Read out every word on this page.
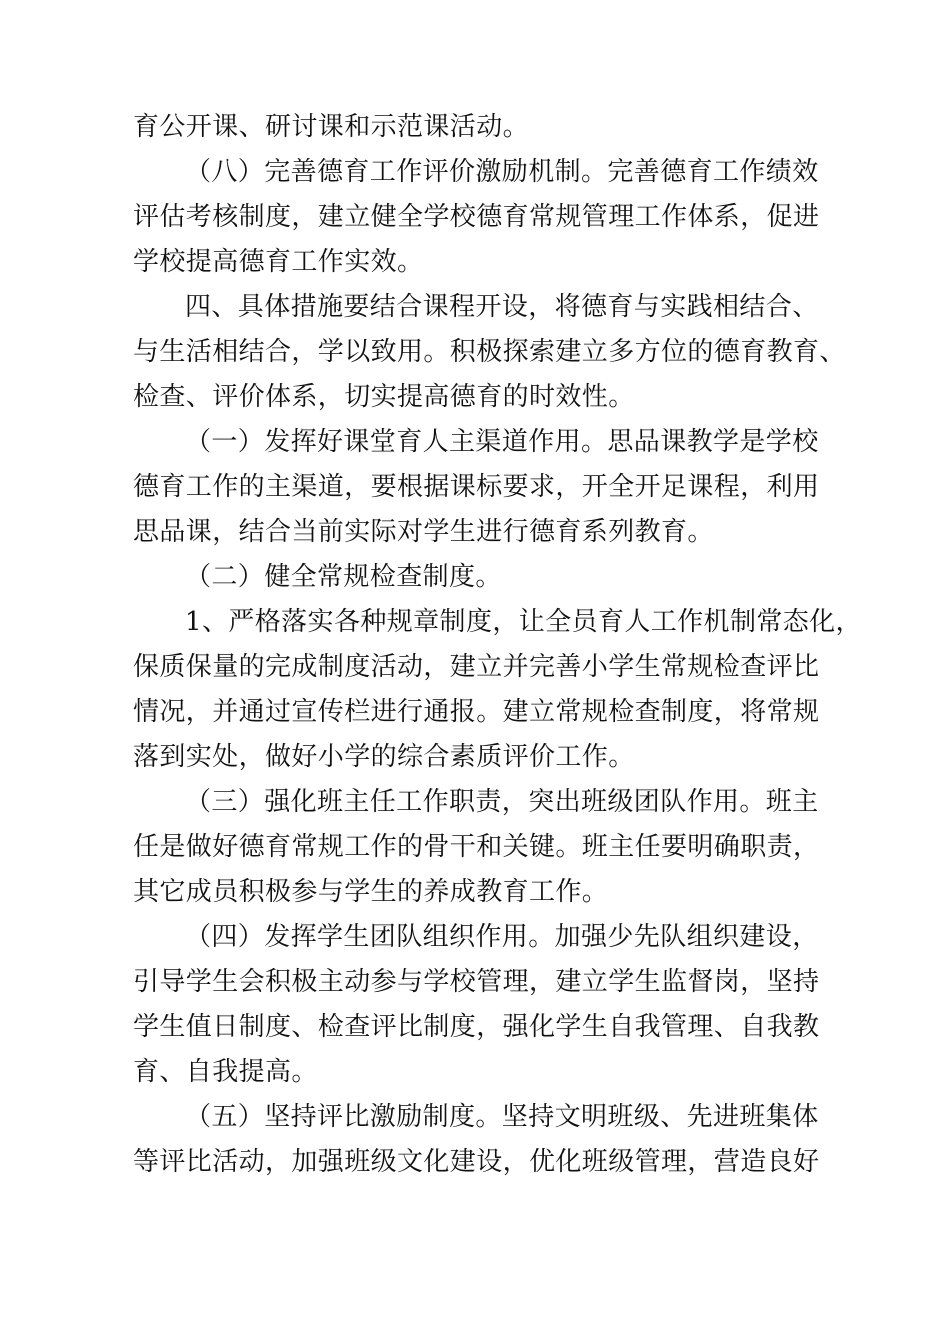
育公开课、研讨课和示范课活动。
（八）完善德育工作评价激励机制。完善德育工作绩效
评估考核制度，建立健全学校德育常规管理工作体系，促进
学校提高德育工作实效。
四、具体措施要结合课程开设，将德育与实践相结合、
与生活相结合，学以致用。积极探索建立多方位的德育教育、
检查、评价体系，切实提高德育的时效性。
（一）发挥好课堂育人主渠道作用。思品课教学是学校
德育工作的主渠道，要根据课标要求，开全开足课程，利用
思品课，结合当前实际对学生进行德育系列教育。
（二）健全常规检查制度。
1、严格落实各种规章制度，让全员育人工作机制常态化，
保质保量的完成制度活动，建立并完善小学生常规检查评比
情况，并通过宣传栏进行通报。建立常规检查制度，将常规
落到实处，做好小学的综合素质评价工作。
（三）强化班主任工作职责，突出班级团队作用。班主
任是做好德育常规工作的骨干和关键。班主任要明确职责，
其它成员积极参与学生的养成教育工作。
（四）发挥学生团队组织作用。加强少先队组织建设，
引导学生会积极主动参与学校管理，建立学生监督岗，坚持
学生值日制度、检查评比制度，强化学生自我管理、自我教
育、自我提高。
（五）坚持评比激励制度。坚持文明班级、先进班集体
等评比活动，加强班级文化建设，优化班级管理，营造良好
